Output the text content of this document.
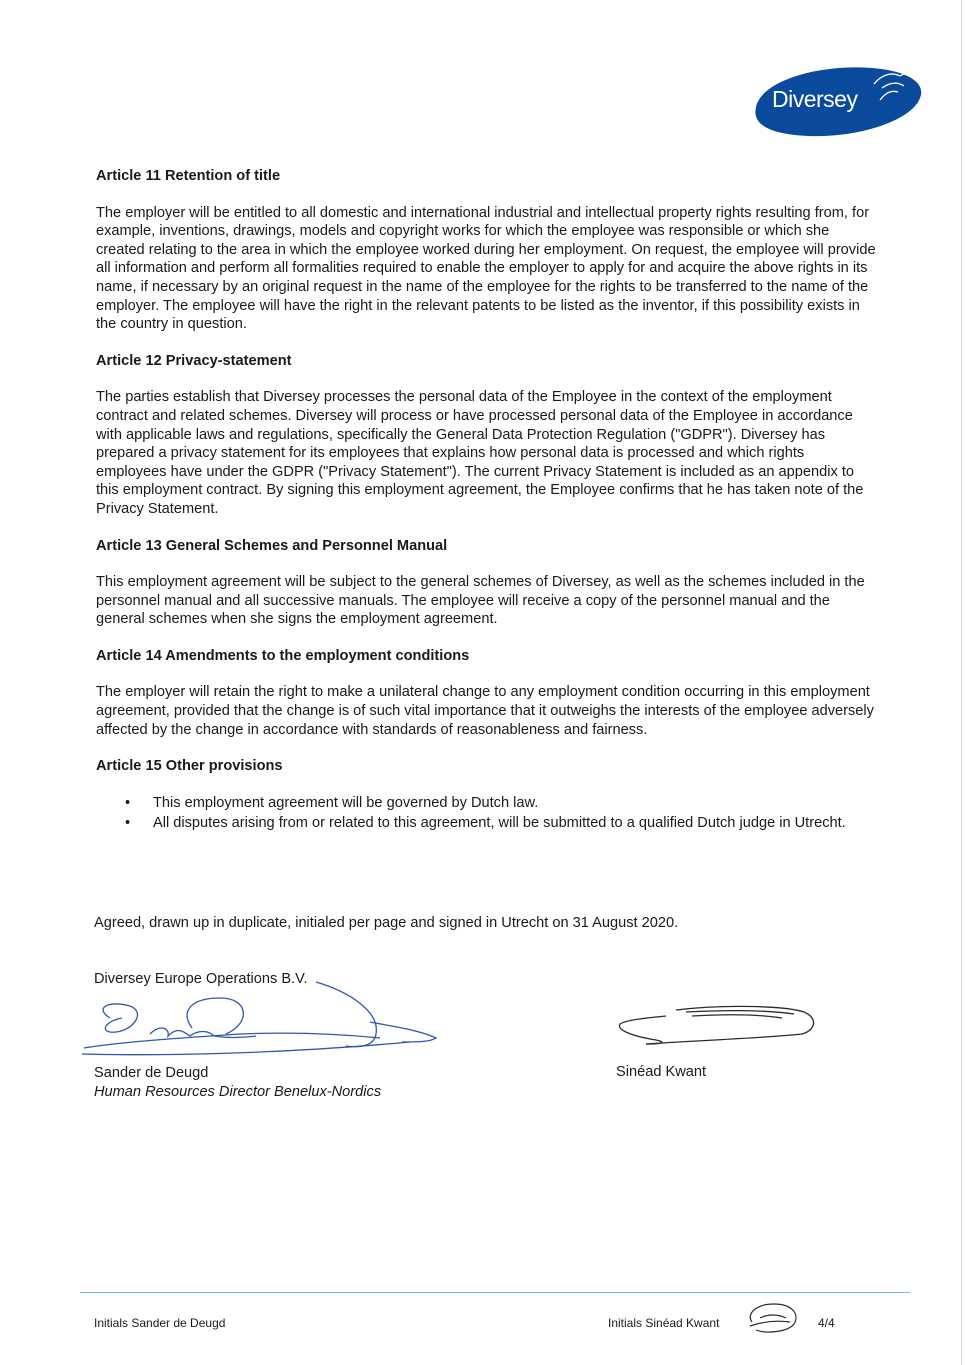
Diversey
Article 11 Retention of title
The employer will be entitled to all domestic and international industrial and intellectual property rights resulting from, for example, inventions, drawings, models and copyright works for which the employee was responsible or which she created relating to the area in which the employee worked during her employment. On request, the employee will provide all information and perform all formalities required to enable the employer to apply for and acquire the above rights in its name, if necessary by an original request in the name of the employee for the rights to be transferred to the name of the employer. The employee will have the right in the relevant patents to be listed as the inventor, if this possibility exists in the country in question.
Article 12 Privacy-statement
The parties establish that Diversey processes the personal data of the Employee in the context of the employment contract and related schemes. Diversey will process or have processed personal data of the Employee in accordance with applicable laws and regulations, specifically the General Data Protection Regulation ("GDPR"). Diversey has prepared a privacy statement for its employees that explains how personal data is processed and which rights employees have under the GDPR ("Privacy Statement"). The current Privacy Statement is included as an appendix to this employment contract. By signing this employment agreement, the Employee confirms that he has taken note of the Privacy Statement.
Article 13 General Schemes and Personnel Manual
This employment agreement will be subject to the general schemes of Diversey, as well as the schemes included in the personnel manual and all successive manuals. The employee will receive a copy of the personnel manual and the general schemes when she signs the employment agreement.
Article 14 Amendments to the employment conditions
The employer will retain the right to make a unilateral change to any employment condition occurring in this employment agreement, provided that the change is of such vital importance that it outweighs the interests of the employee adversely affected by the change in accordance with standards of reasonableness and fairness.
Article 15 Other provisions
• This employment agreement will be governed by Dutch law.
• All disputes arising from or related to this agreement, will be submitted to a qualified Dutch judge in Utrecht.
Agreed, drawn up in duplicate, initialed per page and signed in Utrecht on 31 August 2020.
Diversey Europe Operations B.V.
Sander de Deugd
Human Resources Director Benelux-Nordics
Sinéad Kwant
Initials Sander de Deugd	Initials Sinéad Kwant	4/4
